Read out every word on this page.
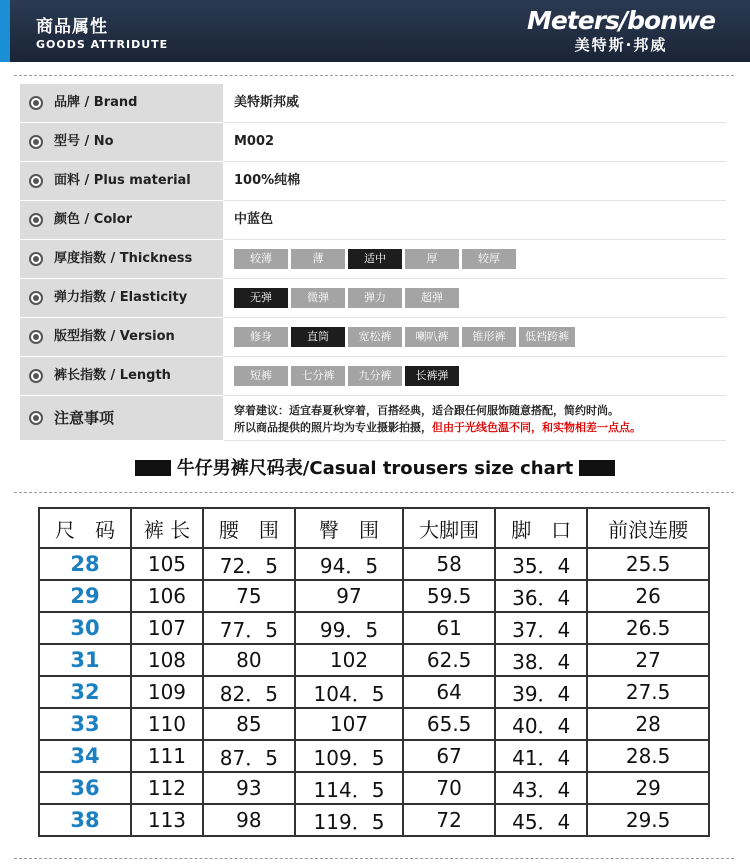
商品属性
GOODS ATTRIDUTE
Meters/bonwe
美特斯·邦威
品牌 / Brand	美特斯邦威
型号 / No	M002
面料 / Plus material	100%纯棉
颜色 / Color	中蓝色
厚度指数 / Thickness	较薄	薄	适中	厚	较厚
弹力指数 / Elasticity	无弹	微弹	弹力	超弹
版型指数 / Version	修身	直筒	宽松裤	喇叭裤	锥形裤	低裆跨裤
裤长指数 / Length	短裤	七分裤	九分裤	长裤弹
注意事项	穿着建议：适宜春夏秋穿着，百搭经典，适合跟任何服饰随意搭配，简约时尚。
所以商品提供的照片均为专业摄影拍摄，但由于光线色温不同，和实物相差一点点。
牛仔男裤尺码表/Casual trousers size chart
尺　码	裤 长	腰　围	臀　围	大脚围	脚　口	前浪连腰
28	105	72．5	94．5	58	35．4	25.5
29	106	75	97	59.5	36．4	26
30	107	77．5	99．5	61	37．4	26.5
31	108	80	102	62.5	38．4	27
32	109	82．5	104．5	64	39．4	27.5
33	110	85	107	65.5	40．4	28
34	111	87．5	109．5	67	41．4	28.5
36	112	93	114．5	70	43．4	29
38	113	98	119．5	72	45．4	29.5
